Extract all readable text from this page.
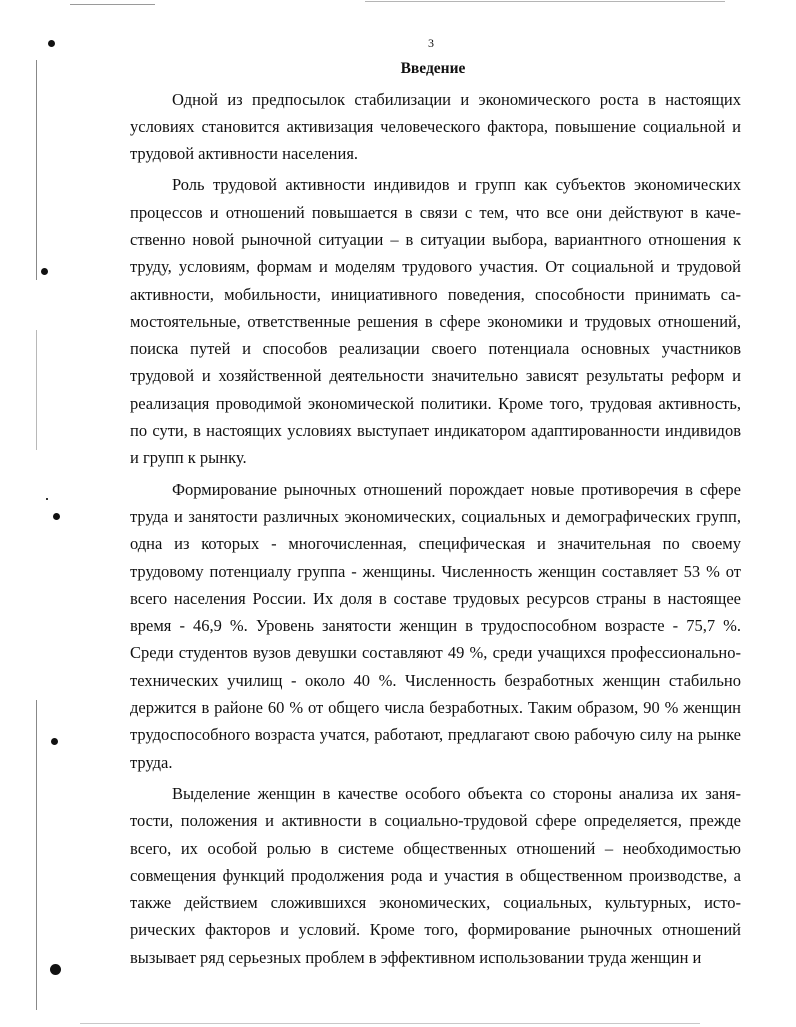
3
Введение

Одной из предпосылок стабилизации и экономического роста в настоящих условиях становится активизация человеческого фактора, повышение социальной и трудовой активности населения.

Роль трудовой активности индивидов и групп как субъектов экономических процессов и отношений повышается в связи с тем, что все они действуют в качественно новой рыночной ситуации – в ситуации выбора, вариантного отношения к труду, условиям, формам и моделям трудового участия. От социальной и трудовой активности, мобильности, инициативного поведения, способности принимать самостоятельные, ответственные решения в сфере экономики и трудовых отношений, поиска путей и способов реализации своего потенциала основных участников трудовой и хозяйственной деятельности значительно зависят результаты реформ и реализация проводимой экономической политики. Кроме того, трудовая активность, по сути, в настоящих условиях выступает индикатором адаптированности индивидов и групп к рынку.

Формирование рыночных отношений порождает новые противоречия в сфере труда и занятости различных экономических, социальных и демографических групп, одна из которых - многочисленная, специфическая и значительная по своему трудовому потенциалу группа - женщины. Численность женщин составляет 53 % от всего населения России. Их доля в составе трудовых ресурсов страны в настоящее время - 46,9 %. Уровень занятости женщин в трудоспособном возрасте - 75,7 %. Среди студентов вузов девушки составляют 49 %, среди учащихся профессионально-технических училищ - около 40 %. Численность безработных женщин стабильно держится в районе 60 % от общего числа безработных. Таким образом, 90 % женщин трудоспособного возраста учатся, работают, предлагают свою рабочую силу на рынке труда.

Выделение женщин в качестве особого объекта со стороны анализа их занятости, положения и активности в социально-трудовой сфере определяется, прежде всего, их особой ролью в системе общественных отношений – необходимостью совмещения функций продолжения рода и участия в общественном производстве, а также действием сложившихся экономических, социальных, культурных, исторических факторов и условий. Кроме того, формирование рыночных отношений вызывает ряд серьезных проблем в эффективном использовании труда женщин и
